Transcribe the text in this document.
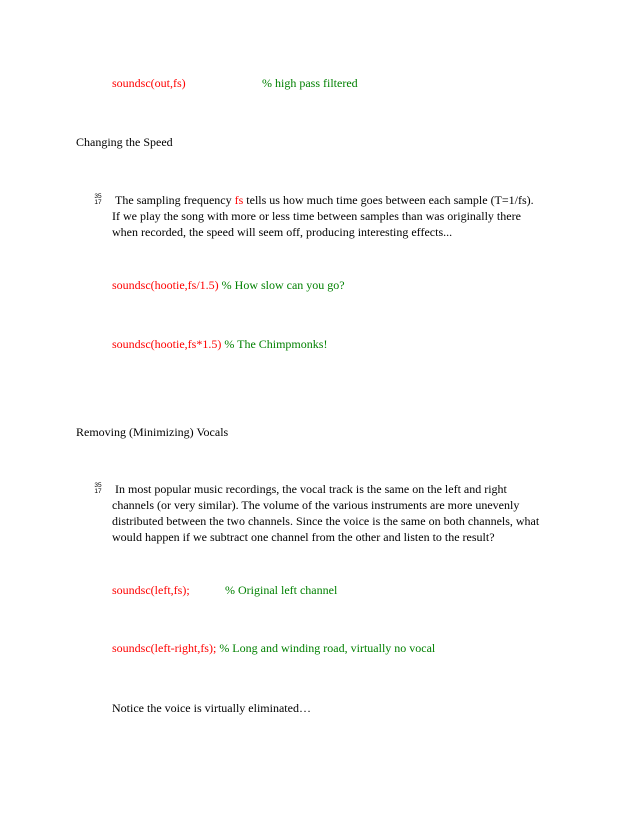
soundsc(out,fs)	% high pass filtered
Changing the Speed
35
17 The sampling frequency fs tells us how much time goes between each sample (T=1/fs).
If we play the song with more or less time between samples than was originally there
when recorded, the speed will seem off, producing interesting effects...
soundsc(hootie,fs/1.5) % How slow can you go?
soundsc(hootie,fs*1.5) % The Chimpmonks!
Removing (Minimizing) Vocals
35
17 In most popular music recordings, the vocal track is the same on the left and right
channels (or very similar). The volume of the various instruments are more unevenly
distributed between the two channels. Since the voice is the same on both channels, what
would happen if we subtract one channel from the other and listen to the result?
soundsc(left,fs);	% Original left channel
soundsc(left-right,fs); % Long and winding road, virtually no vocal
Notice the voice is virtually eliminated…
